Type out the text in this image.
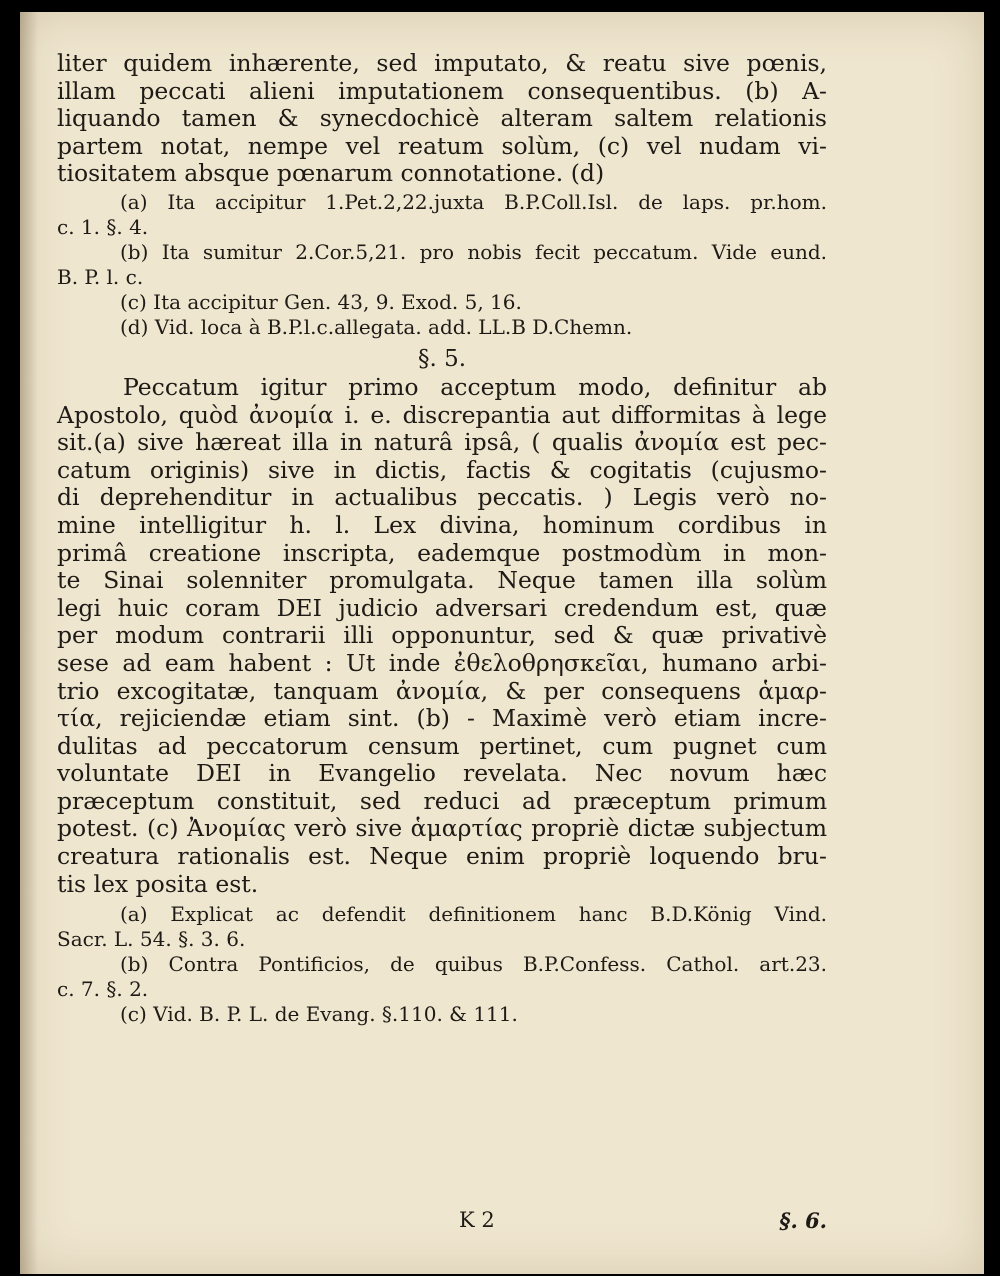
liter quidem inhærente, sed imputato, & reatu sive pœnis,
illam peccati alieni imputationem consequentibus. (b) A-
liquando tamen & synecdochicè alteram saltem relationis
partem notat, nempe vel reatum solùm, (c) vel nudam vi-
tiositatem absque pœnarum connotatione. (d)
(a) Ita accipitur 1.Pet.2,22.juxta B.P.Coll.Isl. de laps. pr.hom.
c. 1. §. 4.
(b) Ita sumitur 2.Cor.5,21. pro nobis fecit peccatum. Vide eund.
B. P. l. c.
(c) Ita accipitur Gen. 43, 9. Exod. 5, 16.
(d) Vid. loca à B.P.l.c.allegata. add. LL.B D.Chemn.
§. 5.
Peccatum igitur primo acceptum modo, definitur ab
Apostolo, quòd ἀνομία i. e. discrepantia aut difformitas à lege
sit.(a) sive hæreat illa in naturâ ipsâ, ( qualis ἀνομία est pec-
catum originis) sive in dictis, factis & cogitatis (cujusmo-
di deprehenditur in actualibus peccatis. ) Legis verò no-
mine intelligitur h. l. Lex divina, hominum cordibus in
primâ creatione inscripta, eademque postmodùm in mon-
te Sinai solenniter promulgata. Neque tamen illa solùm
legi huic coram DEI judicio adversari credendum est, quæ
per modum contrarii illi opponuntur, sed & quæ privativè
sese ad eam habent : Ut inde ἐθελοθρησκεῖαι, humano arbi-
trio excogitatæ, tanquam ἀνομία, & per consequens ἁμαρ-
τία, rejiciendæ etiam sint. (b) - Maximè verò etiam incre-
dulitas ad peccatorum censum pertinet, cum pugnet cum
voluntate DEI in Evangelio revelata. Nec novum hæc
præceptum constituit, sed reduci ad præceptum primum
potest. (c) Ἀνομίας verò sive ἁμαρτίας propriè dictæ subjectum
creatura rationalis est. Neque enim propriè loquendo bru-
tis lex posita est.
(a) Explicat ac defendit definitionem hanc B.D.König Vind.
Sacr. L. 54. §. 3. 6.
(b) Contra Pontificios, de quibus B.P.Confess. Cathol. art.23.
c. 7. §. 2.
(c) Vid. B. P. L. de Evang. §.110. & 111.
K 2	§. 6.
